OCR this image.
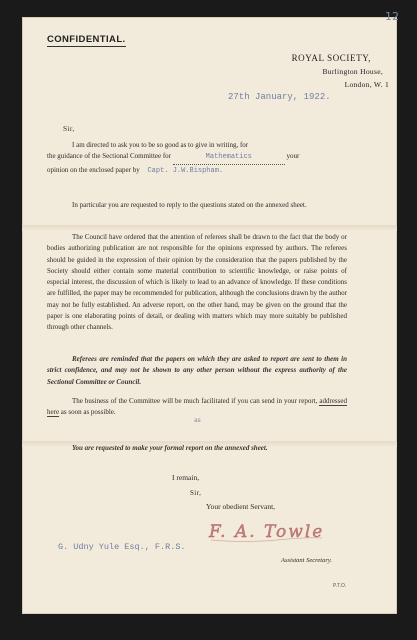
12
CONFIDENTIAL.
ROYAL SOCIETY,
Burlington House,
London, W. 1
27th January, 1922.
Sir,
I am directed to ask you to be so good as to give in writing, for
the guidance of the Sectional Committee for	Mathematics	your
opinion on the enclosed paper by Capt. J.W.Bispham.
In particular you are requested to reply to the questions stated on the annexed sheet.
The Council have ordered that the attention of referees shall be drawn to the fact that the body or bodies authorizing publication are not responsible for the opinions expressed by authors. The referees should be guided in the expression of their opinion by the consideration that the papers published by the Society should either contain some material contribution to scientific knowledge, or raise points of especial interest, the discussion of which is likely to lead to an advance of knowledge. If these conditions are fulfilled, the paper may be recommended for publication, although the conclusions drawn by the author may not be fully established. An adverse report, on the other hand, may be given on the ground that the paper is one elaborating points of detail, or dealing with matters which may more suitably be published through other channels.
Referees are reminded that the papers on which they are asked to report are sent to them in strict confidence, and may not be shown to any other person without the express authority of the Sectional Committee or Council.
as
The business of the Committee will be much facilitated if you can send in your report, addressed here as soon as possible.
You are requested to make your formal report on the annexed sheet.
I remain,
Sir,
Your obedient Servant,
F. A. Towle
G. Udny Yule Esq., F.R.S.
Assistant Secretary.
P.T.O.
